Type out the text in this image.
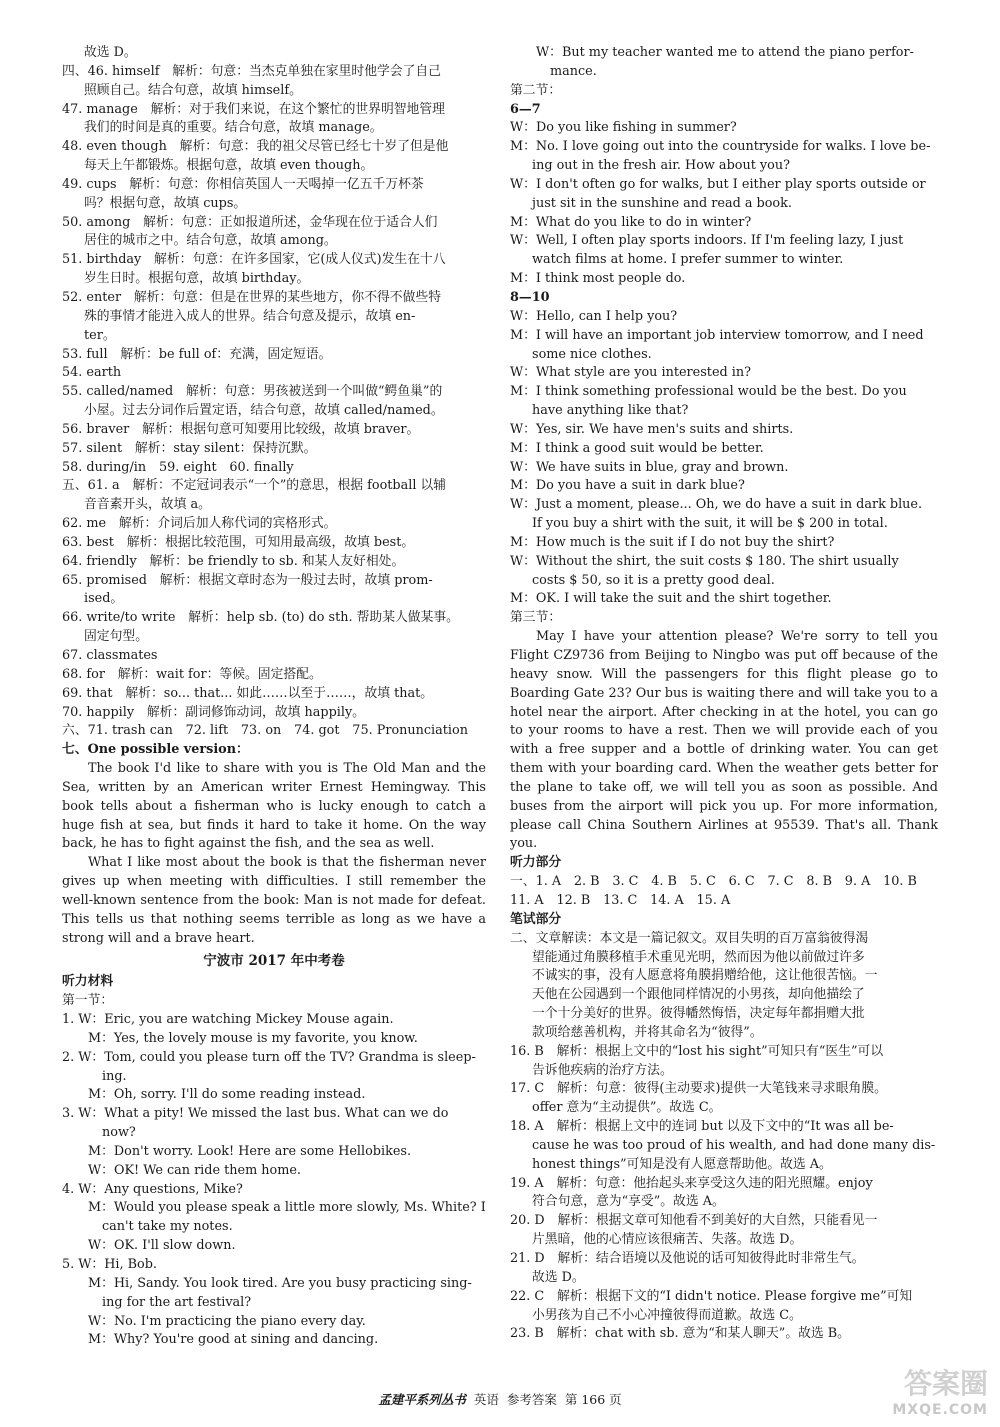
故选 D。
四、46. himself　解析：句意：当杰克单独在家里时他学会了自己
照顾自己。结合句意，故填 himself。
47. manage　解析：对于我们来说，在这个繁忙的世界明智地管理
我们的时间是真的重要。结合句意，故填 manage。
48. even though　解析：句意：我的祖父尽管已经七十岁了但是他
每天上午都锻炼。根据句意，故填 even though。
49. cups　解析：句意：你相信英国人一天喝掉一亿五千万杯茶
吗？根据句意，故填 cups。
50. among　解析：句意：正如报道所述，金华现在位于适合人们
居住的城市之中。结合句意，故填 among。
51. birthday　解析：句意：在许多国家，它(成人仪式)发生在十八
岁生日时。根据句意，故填 birthday。
52. enter　解析：句意：但是在世界的某些地方，你不得不做些特
殊的事情才能进入成人的世界。结合句意及提示，故填 en-
ter。
53. full　解析：be full of：充满，固定短语。
54. earth
55. called/named　解析：句意：男孩被送到一个叫做“鳄鱼巢”的
小屋。过去分词作后置定语，结合句意，故填 called/named。
56. braver　解析：根据句意可知要用比较级，故填 braver。
57. silent　解析：stay silent：保持沉默。
58. during/in　59. eight　60. finally
五、61. a　解析：不定冠词表示“一个”的意思，根据 football 以辅
音音素开头，故填 a。
62. me　解析：介词后加人称代词的宾格形式。
63. best　解析：根据比较范围，可知用最高级，故填 best。
64. friendly　解析：be friendly to sb. 和某人友好相处。
65. promised　解析：根据文章时态为一般过去时，故填 prom-
ised。
66. write/to write　解析：help sb. (to) do sth. 帮助某人做某事。
固定句型。
67. classmates
68. for　解析：wait for：等候。固定搭配。
69. that　解析：so... that... 如此……以至于……，故填 that。
70. happily　解析：副词修饰动词，故填 happily。
六、71. trash can　72. lift　73. on　74. got　75. Pronunciation
七、One possible version：
The book I'd like to share with you is The Old Man and the Sea, written by an American writer Ernest Hemingway. This book tells about a fisherman who is lucky enough to catch a huge fish at sea, but finds it hard to take it home. On the way back, he has to fight against the fish, and the sea as well.
What I like most about the book is that the fisherman never gives up when meeting with difficulties. I still remember the well-known sentence from the book: Man is not made for defeat. This tells us that nothing seems terrible as long as we have a strong will and a brave heart.
宁波市 2017 年中考卷
听力材料
第一节：
1. W：Eric, you are watching Mickey Mouse again.
M：Yes, the lovely mouse is my favorite, you know.
2. W：Tom, could you please turn off the TV? Grandma is sleep-
ing.
M：Oh, sorry. I'll do some reading instead.
3. W：What a pity! We missed the last bus. What can we do
now?
M：Don't worry. Look! Here are some Hellobikes.
W：OK! We can ride them home.
4. W：Any questions, Mike?
M：Would you please speak a little more slowly, Ms. White? I
can't take my notes.
W：OK. I'll slow down.
5. W：Hi, Bob.
M：Hi, Sandy. You look tired. Are you busy practicing sing-
ing for the art festival?
W：No. I'm practicing the piano every day.
M：Why? You're good at sining and dancing.
W：But my teacher wanted me to attend the piano perfor-
mance.
第二节：
6—7
W：Do you like fishing in summer?
M：No. I love going out into the countryside for walks. I love be-
ing out in the fresh air. How about you?
W：I don't often go for walks, but I either play sports outside or
just sit in the sunshine and read a book.
M：What do you like to do in winter?
W：Well, I often play sports indoors. If I'm feeling lazy, I just
watch films at home. I prefer summer to winter.
M：I think most people do.
8—10
W：Hello, can I help you?
M：I will have an important job interview tomorrow, and I need
some nice clothes.
W：What style are you interested in?
M：I think something professional would be the best. Do you
have anything like that?
W：Yes, sir. We have men's suits and shirts.
M：I think a good suit would be better.
W：We have suits in blue, gray and brown.
M：Do you have a suit in dark blue?
W：Just a moment, please... Oh, we do have a suit in dark blue.
If you buy a shirt with the suit, it will be $ 200 in total.
M：How much is the suit if I do not buy the shirt?
W：Without the shirt, the suit costs $ 180. The shirt usually
costs $ 50, so it is a pretty good deal.
M：OK. I will take the suit and the shirt together.
第三节：
May I have your attention please? We're sorry to tell you Flight CZ9736 from Beijing to Ningbo was put off because of the heavy snow. Will the passengers for this flight please go to Boarding Gate 23? Our bus is waiting there and will take you to a hotel near the airport. After checking in at the hotel, you can go to your rooms to have a rest. Then we will provide each of you with a free supper and a bottle of drinking water. You can get them with your boarding card. When the weather gets better for the plane to take off, we will tell you as soon as possible. And buses from the airport will pick you up. For more information, please call China Southern Airlines at 95539. That's all. Thank you.
听力部分
一、1. A　2. B　3. C　4. B　5. C　6. C　7. C　8. B　9. A　10. B
11. A　12. B　13. C　14. A　15. A
笔试部分
二、文章解读：本文是一篇记叙文。双目失明的百万富翁彼得渴
望能通过角膜移植手术重见光明，然而因为他以前做过许多
不诚实的事，没有人愿意将角膜捐赠给他，这让他很苦恼。一
天他在公园遇到一个跟他同样情况的小男孩，却向他描绘了
一个十分美好的世界。彼得幡然悔悟，决定每年都捐赠大批
款项给慈善机构，并将其命名为“彼得”。
16. B　解析：根据上文中的“lost his sight”可知只有“医生”可以
告诉他疾病的治疗方法。
17. C　解析：句意：彼得(主动要求)提供一大笔钱来寻求眼角膜。
offer 意为“主动提供”。故选 C。
18. A　解析：根据上文中的连词 but 以及下文中的“It was all be-
cause he was too proud of his wealth, and had done many dis-
honest things”可知是没有人愿意帮助他。故选 A。
19. A　解析：句意：他抬起头来享受这久违的阳光照耀。enjoy
符合句意，意为“享受”。故选 A。
20. D　解析：根据文章可知他看不到美好的大自然，只能看见一
片黑暗，他的心情应该很痛苦、失落。故选 D。
21. D　解析：结合语境以及他说的话可知彼得此时非常生气。
故选 D。
22. C　解析：根据下文的“I didn't notice. Please forgive me”可知
小男孩为自己不小心冲撞彼得而道歉。故选 C。
23. B　解析：chat with sb. 意为“和某人聊天”。故选 B。
孟建平系列丛书 英语 参考答案 第 166 页	答案圈
MXQE.COM
